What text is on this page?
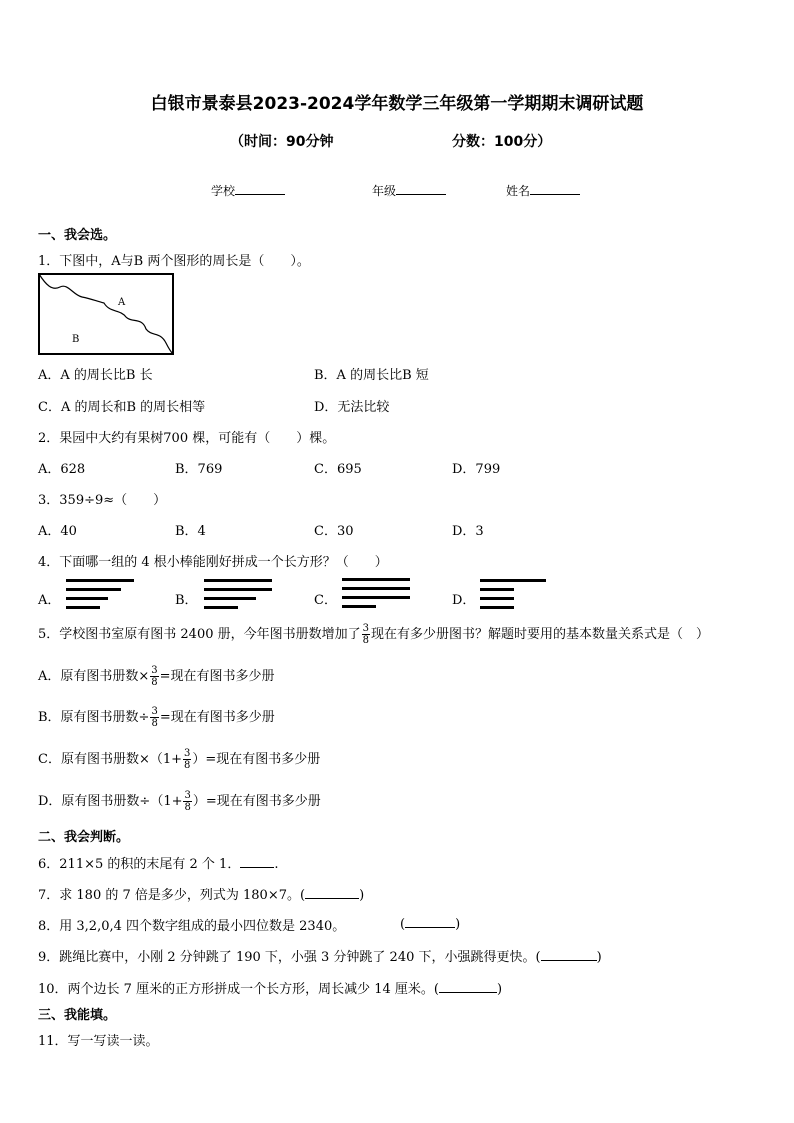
白银市景泰县2023-2024学年数学三年级第一学期期末调研试题
（时间：90分钟	分数：100分）
学校	年级	姓名
一、我会选。
1．下图中，A与B 两个图形的周长是（　　）。
A
B
A．A 的周长比B 长	B．A 的周长比B 短
C．A 的周长和B 的周长相等	D．无法比较
2．果园中大约有果树700 棵，可能有（　　）棵。
A．628	B．769	C．695	D．799
3．359÷9≈（　　）
A．40	B．4	C．30	D．3
4．下面哪一组的 4 根小棒能刚好拼成一个长方形？（　　）
A．	B．	C．	D．
5．学校图书室原有图书 2400 册，今年图书册数增加了 $\frac{3}{8}$ 现在有多少册图书？解题时要用的基本数量关系式是（　）
A．原有图书册数× $\frac{3}{8}$ =现在有图书多少册
B．原有图书册数÷ $\frac{3}{8}$ =现在有图书多少册
C．原有图书册数$\times(1+ \frac{3}{8}$ ）=现在有图书多少册
D．原有图书册数$\div(1+ \frac{3}{8}$ ）=现在有图书多少册
二、我会判断。
6．211×5 的积的末尾有 2 个 1．	.
7．求 180 的 7 倍是多少，列式为 180×7。(	)
8．用 3,2,0,4 四个数字组成的最小四位数是 2340。	(	)
9．跳绳比赛中，小刚 2 分钟跳了 190 下，小强 3 分钟跳了 240 下，小强跳得更快。(	)
10．两个边长 7 厘米的正方形拼成一个长方形，周长减少 14 厘米。(	)
三、我能填。
11．写一写读一读。
